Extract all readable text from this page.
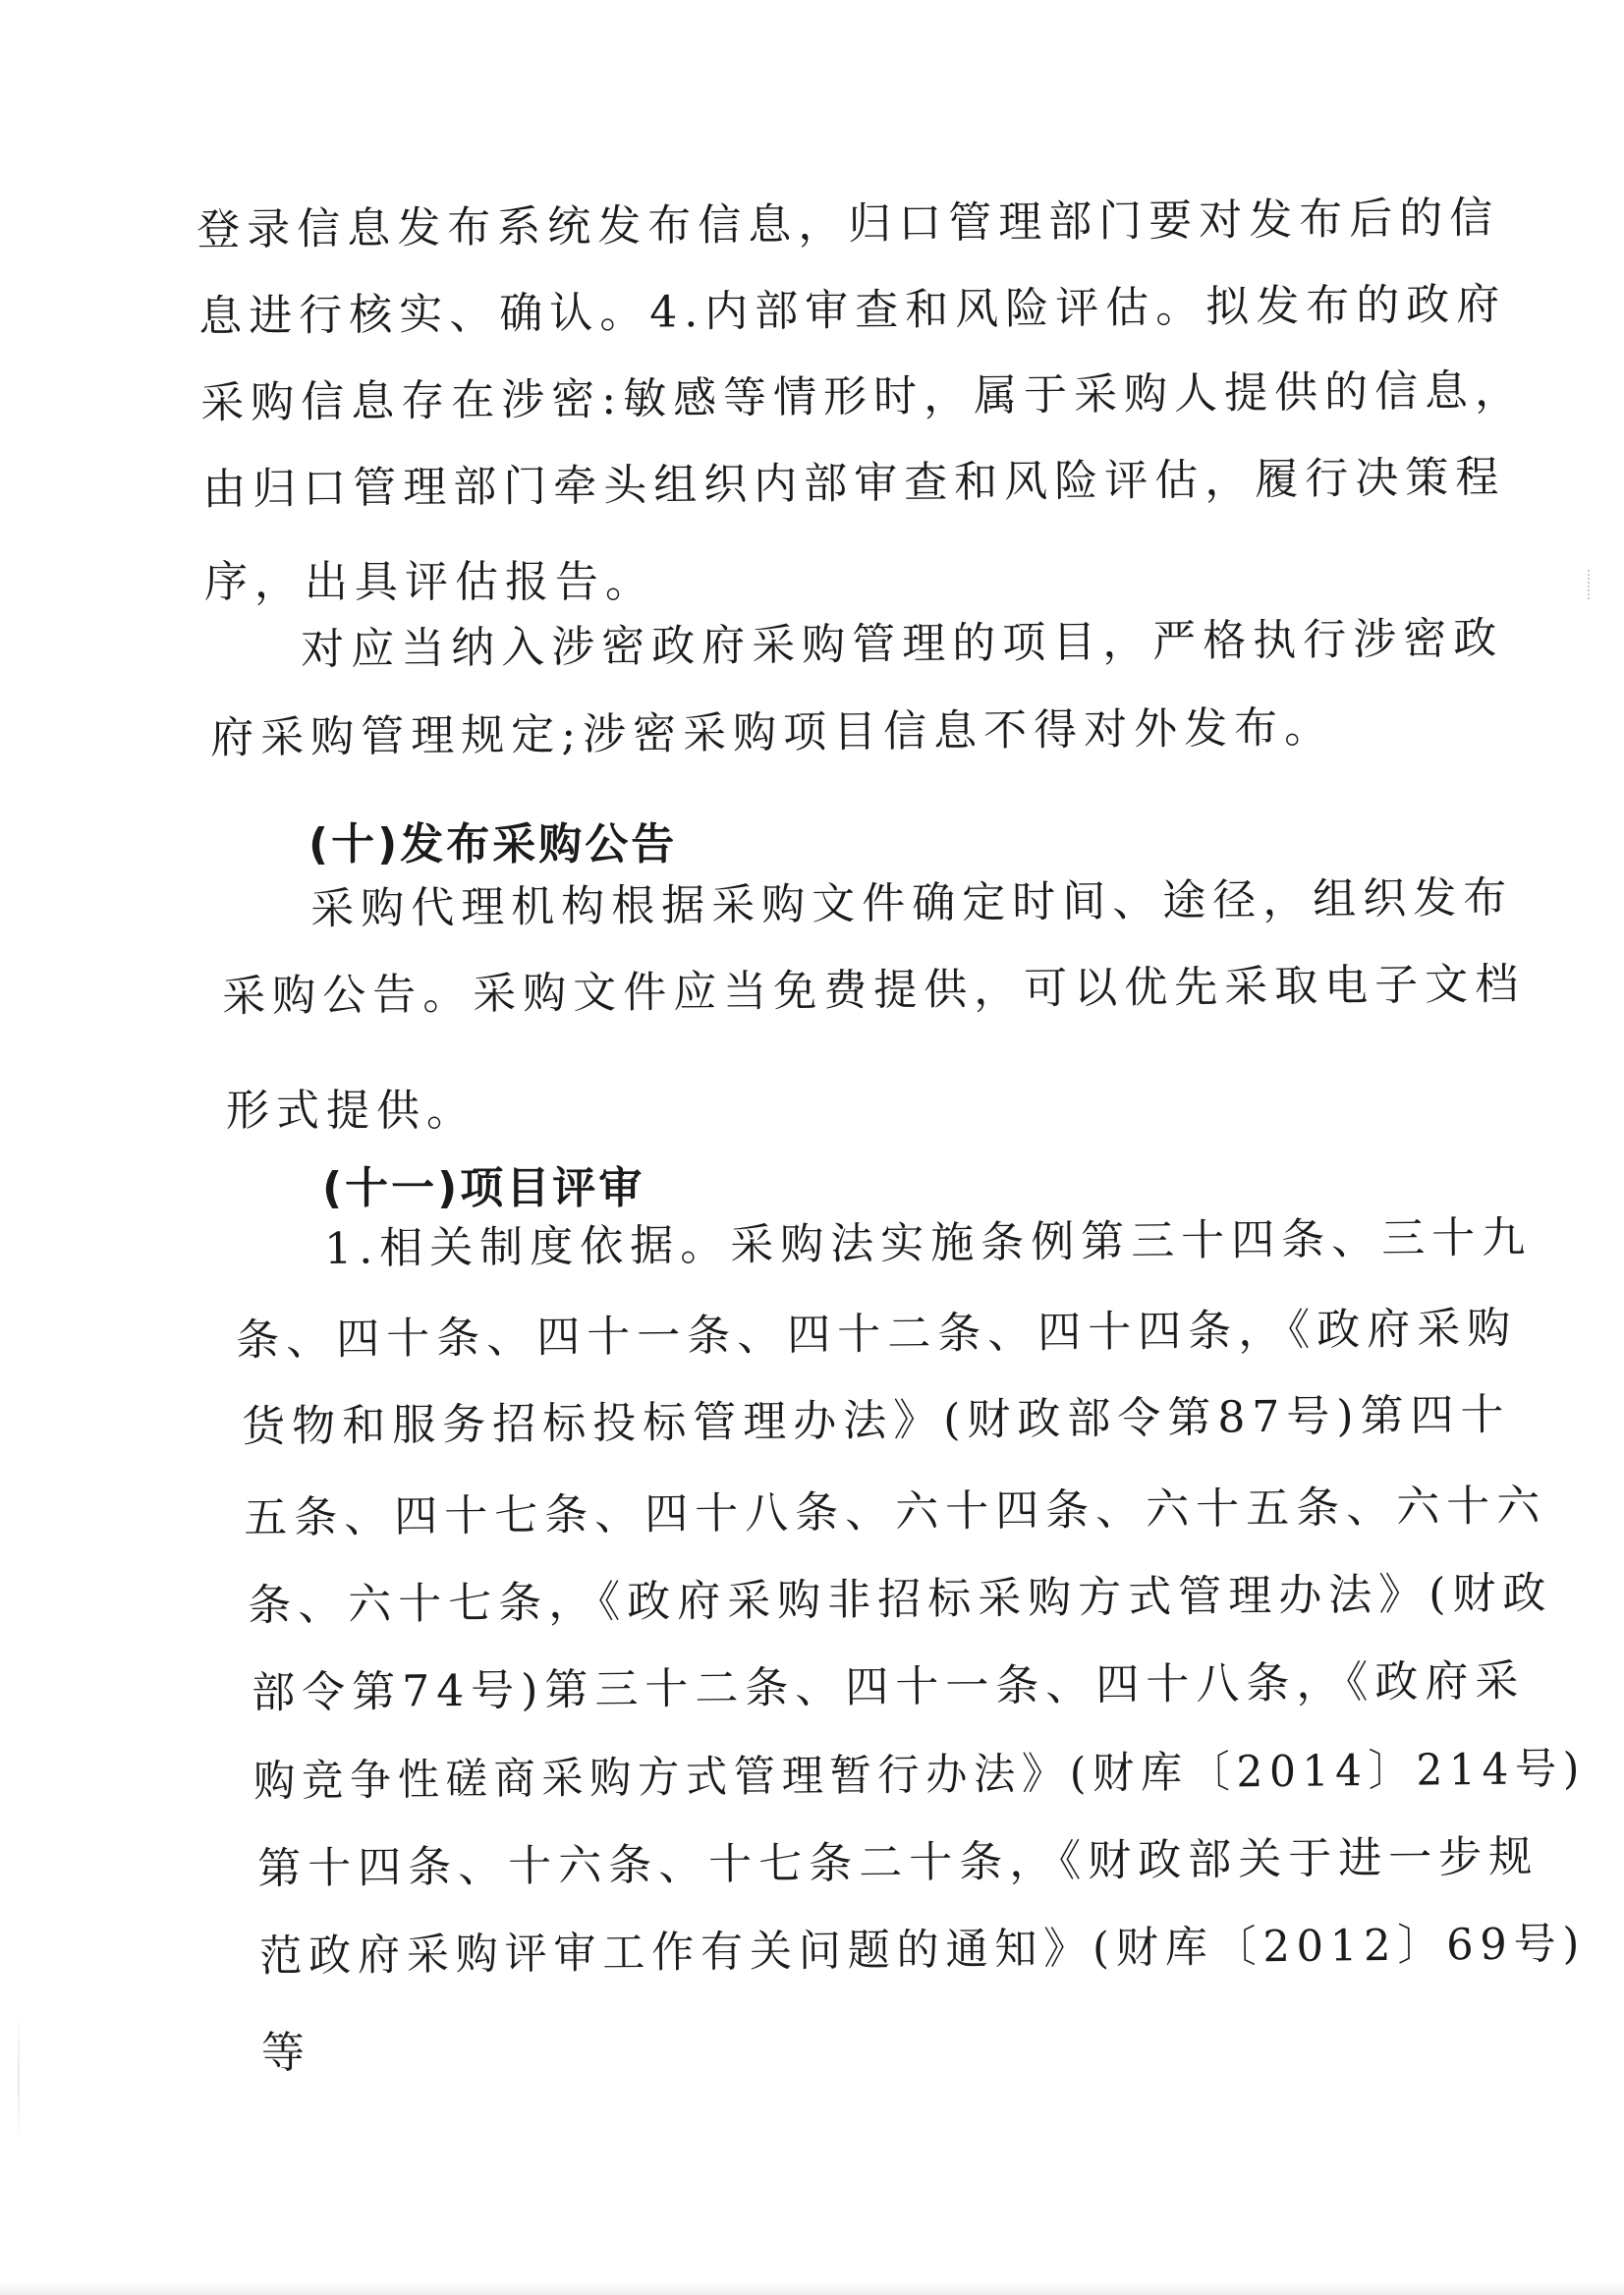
登录信息发布系统发布信息，归口管理部门要对发布后的信
息进行核实、确认。4.内部审查和风险评估。拟发布的政府
采购信息存在涉密:敏感等情形时，属于采购人提供的信息，
由归口管理部门牵头组织内部审查和风险评估，履行决策程
序，出具评估报告。
对应当纳入涉密政府采购管理的项目，严格执行涉密政
府采购管理规定;涉密采购项目信息不得对外发布。
(十)发布采购公告
采购代理机构根据采购文件确定时间、途径，组织发布
采购公告。采购文件应当免费提供，可以优先采取电子文档
形式提供。
(十一)项目评审
1.相关制度依据。采购法实施条例第三十四条、三十九
条、四十条、四十一条、四十二条、四十四条，《政府采购
货物和服务招标投标管理办法》(财政部令第87号)第四十
五条、四十七条、四十八条、六十四条、六十五条、六十六
条、六十七条，《政府采购非招标采购方式管理办法》(财政
部令第74号)第三十二条、四十一条、四十八条，《政府采
购竞争性磋商采购方式管理暂行办法》(财库〔2014〕214号)
第十四条、十六条、十七条二十条，《财政部关于进一步规
范政府采购评审工作有关问题的通知》(财库〔2012〕69号)
等
